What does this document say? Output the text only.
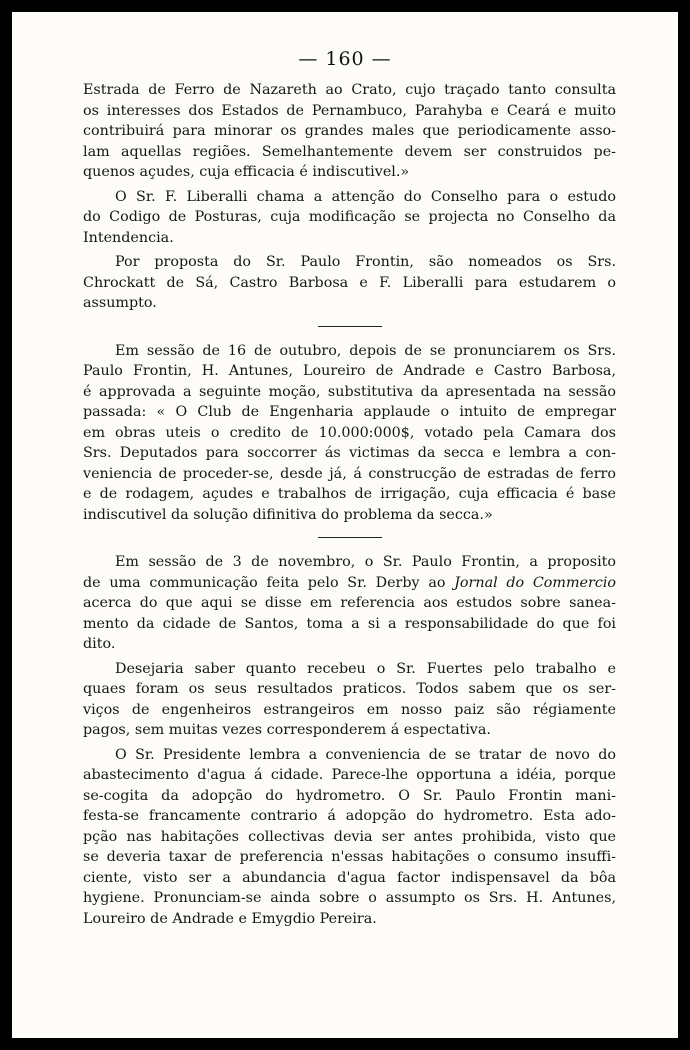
— 160 —

Estrada de Ferro de Nazareth ao Crato, cujo traçado tanto consulta
os interesses dos Estados de Pernambuco, Parahyba e Ceará e muito
contribuirá para minorar os grandes males que periodicamente asso-
lam aquellas regiões. Semelhantemente devem ser construidos pe-
quenos açudes, cuja efficacia é indiscutivel.»

O Sr. F. Liberalli chama a attenção do Conselho para o estudo
do Codigo de Posturas, cuja modificação se projecta no Conselho da
Intendencia.

Por proposta do Sr. Paulo Frontin, são nomeados os Srs.
Chrockatt de Sá, Castro Barbosa e F. Liberalli para estudarem o
assumpto.

Em sessão de 16 de outubro, depois de se pronunciarem os Srs.
Paulo Frontin, H. Antunes, Loureiro de Andrade e Castro Barbosa,
é approvada a seguinte moção, substitutiva da apresentada na sessão
passada: « O Club de Engenharia applaude o intuito de empregar
em obras uteis o credito de 10.000:000$, votado pela Camara dos
Srs. Deputados para soccorrer ás victimas da secca e lembra a con-
veniencia de proceder-se, desde já, á construcção de estradas de ferro
e de rodagem, açudes e trabalhos de irrigação, cuja efficacia é base
indiscutivel da solução difinitiva do problema da secca.»

Em sessão de 3 de novembro, o Sr. Paulo Frontin, a proposito
de uma communicação feita pelo Sr. Derby ao Jornal do Commercio
acerca do que aqui se disse em referencia aos estudos sobre sanea-
mento da cidade de Santos, toma a si a responsabilidade do que foi
dito.

Desejaria saber quanto recebeu o Sr. Fuertes pelo trabalho e
quaes foram os seus resultados praticos. Todos sabem que os ser-
viços de engenheiros estrangeiros em nosso paiz são régiamente
pagos, sem muitas vezes corresponderem á espectativa.

O Sr. Presidente lembra a conveniencia de se tratar de novo do
abastecimento d'agua á cidade. Parece-lhe opportuna a idéia, porque
se-cogita da adopção do hydrometro. O Sr. Paulo Frontin mani-
festa-se francamente contrario á adopção do hydrometro. Esta ado-
pção nas habitações collectivas devia ser antes prohibida, visto que
se deveria taxar de preferencia n'essas habitações o consumo insuffi-
ciente, visto ser a abundancia d'agua factor indispensavel da bôa
hygiene. Pronunciam-se ainda sobre o assumpto os Srs. H. Antunes,
Loureiro de Andrade e Emygdio Pereira.
